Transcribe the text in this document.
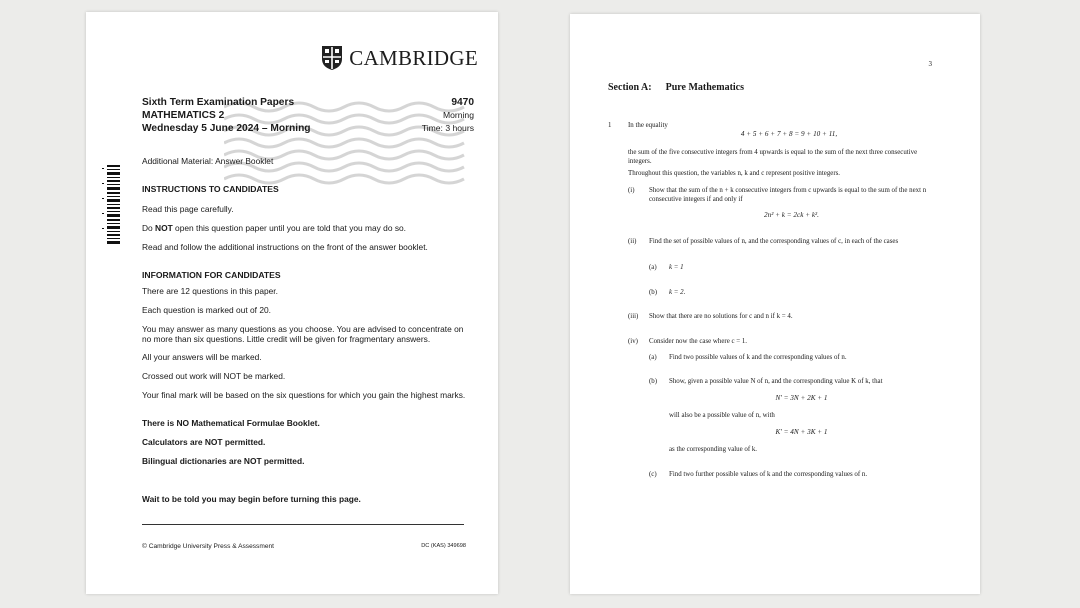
CAMBRIDGE
Sixth Term Examination Papers	9470
MATHEMATICS 2	Morning
Wednesday 5 June 2024 – Morning	Time: 3 hours
Additional Material: Answer Booklet
INSTRUCTIONS TO CANDIDATES
Read this page carefully.
Do NOT open this question paper until you are told that you may do so.
Read and follow the additional instructions on the front of the answer booklet.
INFORMATION FOR CANDIDATES
There are 12 questions in this paper.
Each question is marked out of 20.
You may answer as many questions as you choose. You are advised to concentrate on no more than six questions. Little credit will be given for fragmentary answers.
All your answers will be marked.
Crossed out work will NOT be marked.
Your final mark will be based on the six questions for which you gain the highest marks.
There is NO Mathematical Formulae Booklet.
Calculators are NOT permitted.
Bilingual dictionaries are NOT permitted.
Wait to be told you may begin before turning this page.
© Cambridge University Press & Assessment	DC (KAS) 349698
3
Section A: Pure Mathematics
1 In the equality
4 + 5 + 6 + 7 + 8 = 9 + 10 + 11,
the sum of the five consecutive integers from 4 upwards is equal to the sum of the next three consecutive integers.
Throughout this question, the variables n, k and c represent positive integers.
(i) Show that the sum of the n + k consecutive integers from c upwards is equal to the sum of the next n consecutive integers if and only if
2n² + k = 2ck + k².
(ii) Find the set of possible values of n, and the corresponding values of c, in each of the cases
(a) k = 1
(b) k = 2.
(iii) Show that there are no solutions for c and n if k = 4.
(iv) Consider now the case where c = 1.
(a) Find two possible values of k and the corresponding values of n.
(b) Show, given a possible value N of n, and the corresponding value K of k, that
N′ = 3N + 2K + 1
will also be a possible value of n, with
K′ = 4N + 3K + 1
as the corresponding value of k.
(c) Find two further possible values of k and the corresponding values of n.
